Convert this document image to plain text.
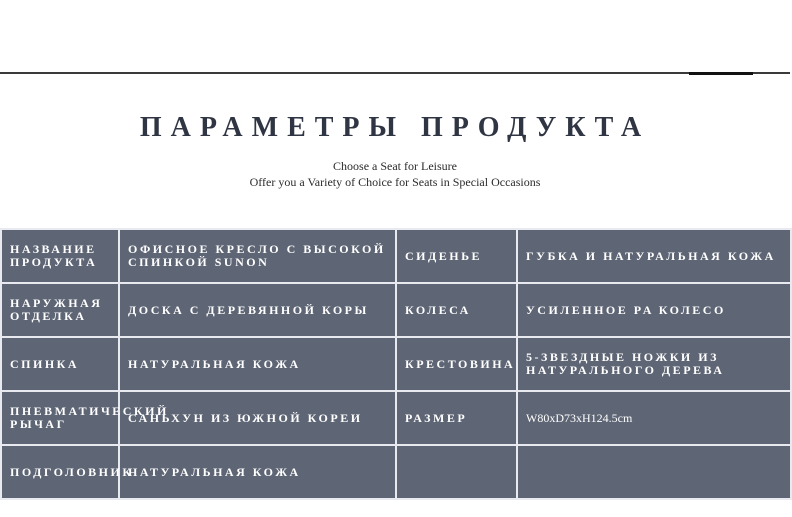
ПАРАМЕТРЫ ПРОДУКТА
Choose a Seat for Leisure
Offer you a Variety of Choice for Seats in Special Occasions
НАЗВАНИЕ ПРОДУКТА	ОФИСНОЕ КРЕСЛО С ВЫСОКОЙ СПИНКОЙ SUNON	СИДЕНЬЕ	ГУБКА И НАТУРАЛЬНАЯ КОЖА
НАРУЖНАЯ ОТДЕЛКА	ДОСКА С ДЕРЕВЯННОЙ КОРЫ	КОЛЕСА	УСИЛЕННОЕ PA КОЛЕСО
СПИНКА	НАТУРАЛЬНАЯ КОЖА	КРЕСТОВИНА	5-ЗВЕЗДНЫЕ НОЖКИ ИЗ НАТУРАЛЬНОГО ДЕРЕВА
ПНЕВМАТИЧЕСКИЙ РЫЧАГ	САНЬХУН ИЗ ЮЖНОЙ КОРЕИ	РАЗМЕР	W80xD73xH124.5cm
ПОДГОЛОВНИК	НАТУРАЛЬНАЯ КОЖА		
